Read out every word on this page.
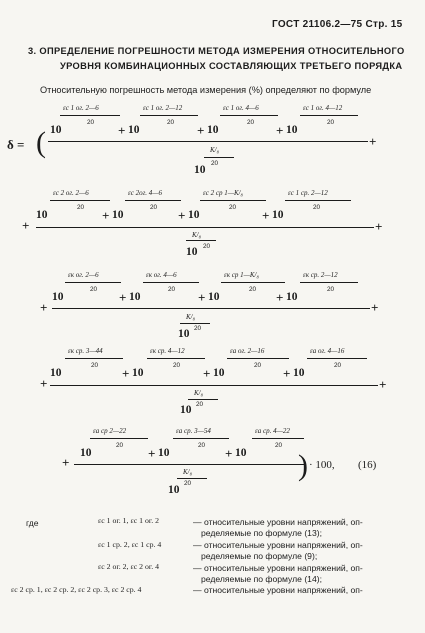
ГОСТ 21106.2—75 Стр. 15
3. ОПРЕДЕЛЕНИЕ ПОГРЕШНОСТИ МЕТОДА ИЗМЕРЕНИЯ ОТНОСИТЕЛЬНОГО
УРОВНЯ КОМБИНАЦИОННЫХ СОСТАВЛЯЮЩИХ ТРЕТЬЕГО ПОРЯДКА
Относительную погрешность метода измерения (%) определяют по формуле
δ = (
εс 1 ог. 2—6
20
10
εс 1 ог. 2—12
20
+ 10
εс 1 ог. 4—6
20
+ 10
εс 1 ог. 4—12
20
+ 10
+
K/₈
20
10
εс 2 ог. 2—6
20
10
εс 2ог. 4—6
20
+ 10
εс 2 ср 1—K/₈
20
+ 10
εс 1 ср. 2—12
20
+ 10
+	+
K/₈
20
10
εк ог. 2—6
20
10
εк ог. 4—6
20
+ 10
εк ср 1—K/₈
20
+ 10
εк ср. 2—12
20
+ 10
+	+
K/₈
20
10
εк ср. 3—44
20
10
εк ср. 4—12
20
+ 10
εа ог. 2—16
20
+ 10
εа ог. 4—16
20
+ 10
+	+
K/₈
20
10
εа ср 2—22
20
10
εа ср. 3—54
20
+ 10
εа ср. 4—22
20
+ 10
+	) · 100, (16)
K/₈
20
10
где	εс 1 ог. 1, εс 1 ог. 2	— относительные уровни напряжений, оп-
ределяемые по формуле (13);
εс 1 ср. 2, εс 1 ср. 4	— относительные уровни напряжений, оп-
ределяемые по формуле (9);
εс 2 ог. 2, εс 2 ог. 4	— относительные уровни напряжений, оп-
ределяемые по формуле (14);
εс 2 ср. 1, εс 2 ср. 2, εс 2 ср. 3, εс 2 ср. 4	— относительные уровни напряжений, оп-
